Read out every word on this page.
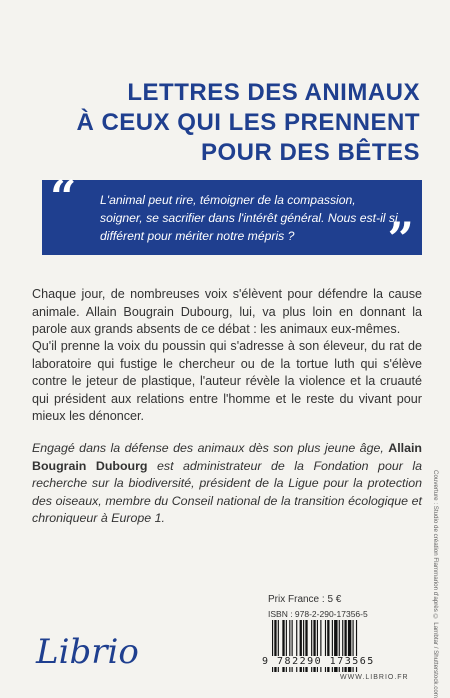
LETTRES DES ANIMAUX
À CEUX QUI LES PRENNENT
POUR DES BÊTES
“ L'animal peut rire, témoigner de la compassion, soigner, se sacrifier dans l'intérêt général. Nous est-il si différent pour mériter notre mépris ?	”
Chaque jour, de nombreuses voix s'élèvent pour défendre la cause animale. Allain Bougrain Dubourg, lui, va plus loin en donnant la parole aux grands absents de ce débat : les animaux eux-mêmes.
Qu'il prenne la voix du poussin qui s'adresse à son éleveur, du rat de laboratoire qui fustige le chercheur ou de la tortue luth qui s'élève contre le jeteur de plastique, l'auteur révèle la violence et la cruauté qui président aux relations entre l'homme et le reste du vivant pour mieux les dénoncer.
Engagé dans la défense des animaux dès son plus jeune âge, Allain Bougrain Dubourg est administrateur de la Fondation pour la recherche sur la biodiversité, président de la Ligue pour la protection des oiseaux, membre du Conseil national de la transition écologique et chroniqueur à Europe 1.	Couverture : Studio de création Flammarion d'après © Lambtar / Shutterstock.com
Librio
Prix France : 5 €
ISBN : 978-2-290-17356-5
9 782290 173565
WWW.LIBRIO.FR
